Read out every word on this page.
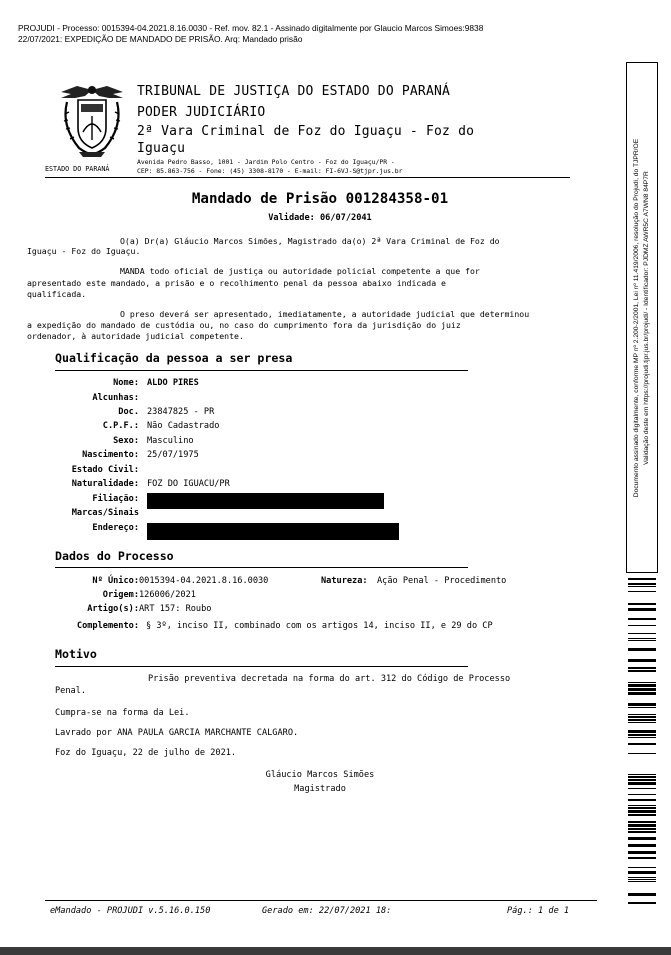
PROJUDI - Processo: 0015394-04.2021.8.16.0030 - Ref. mov. 82.1 - Assinado digitalmente por Glaucio Marcos Simoes:9838
22/07/2021: EXPEDIÇÃO DE MANDADO DE PRISÃO. Arq: Mandado prisão
ESTADO DO PARANÁ
TRIBUNAL DE JUSTIÇA DO ESTADO DO PARANÁ
PODER JUDICIÁRIO
2ª Vara Criminal de Foz do Iguaçu - Foz do
Iguaçu
Avenida Pedro Basso, 1001 - Jardim Polo Centro - Foz do Iguaçu/PR -
CEP: 85.863-756 - Fone: (45) 3308-8170 - E-mail: FI-6VJ-S@tjpr.jus.br
Mandado de Prisão 001284358-01
Validade: 06/07/2041
O(a) Dr(a) Gláucio Marcos Simões, Magistrado da(o) 2ª Vara Criminal de Foz do
Iguaçu - Foz do Iguaçu.
MANDA todo oficial de justiça ou autoridade policial competente a que for
apresentado este mandado, a prisão e o recolhimento penal da pessoa abaixo indicada e
qualificada.
O preso deverá ser apresentado, imediatamente, a autoridade judicial que determinou
a expedição do mandado de custódia ou, no caso do cumprimento fora da jurisdição do juiz
ordenador, à autoridade judicial competente.
Qualificação da pessoa a ser presa
Nome: ALDO PIRES
Alcunhas:
Doc. 23847825 - PR
C.P.F.: Não Cadastrado
Sexo: Masculino
Nascimento: 25/07/1975
Estado Civil:
Naturalidade: FOZ DO IGUACU/PR
Filiação:
Marcas/Sinais
Endereço:
Dados do Processo
Nº Único: 0015394-04.2021.8.16.0030	Natureza: Ação Penal - Procedimento
Origem: 126006/2021
Artigo(s): ART 157: Roubo
Complemento: § 3º, inciso II, combinado com os artigos 14, inciso II, e 29 do CP
Motivo
Prisão preventiva decretada na forma do art. 312 do Código de Processo
Penal.
Cumpra-se na forma da Lei.
Lavrado por ANA PAULA GARCIA MARCHANTE CALGARO.
Foz do Iguaçu, 22 de julho de 2021.
Gláucio Marcos Simões
Magistrado
eMandado - PROJUDI v.5.16.0.150	Gerado em: 22/07/2021 18:	Pág.: 1 de 1
Documento assinado digitalmente, conforme MP nº 2.200-2/2001, Lei nº 11.419/2006, resolução do Projudi, do TJPR/OE Validação deste em https://projudi.tjpr.jus.br/projudi/ - Identificador: PJDMZ AWR5C A7WN8 84P7R
